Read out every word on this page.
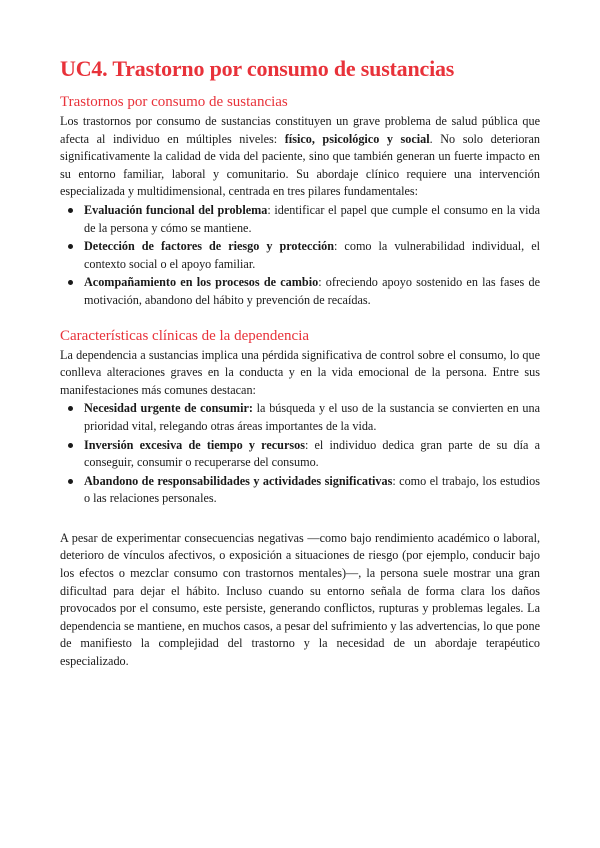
UC4. Trastorno por consumo de sustancias
Trastornos por consumo de sustancias

Los trastornos por consumo de sustancias constituyen un grave problema de salud pública que afecta al individuo en múltiples niveles: físico, psicológico y social. No solo deterioran significativamente la calidad de vida del paciente, sino que también generan un fuerte impacto en su entorno familiar, laboral y comunitario. Su abordaje clínico requiere una intervención especializada y multidimensional, centrada en tres pilares fundamentales:

Evaluación funcional del problema: identificar el papel que cumple el consumo en la vida de la persona y cómo se mantiene.
Detección de factores de riesgo y protección: como la vulnerabilidad individual, el contexto social o el apoyo familiar.
Acompañamiento en los procesos de cambio: ofreciendo apoyo sostenido en las fases de motivación, abandono del hábito y prevención de recaídas.
Características clínicas de la dependencia

La dependencia a sustancias implica una pérdida significativa de control sobre el consumo, lo que conlleva alteraciones graves en la conducta y en la vida emocional de la persona. Entre sus manifestaciones más comunes destacan:

Necesidad urgente de consumir: la búsqueda y el uso de la sustancia se convierten en una prioridad vital, relegando otras áreas importantes de la vida.
Inversión excesiva de tiempo y recursos: el individuo dedica gran parte de su día a conseguir, consumir o recuperarse del consumo.
Abandono de responsabilidades y actividades significativas: como el trabajo, los estudios o las relaciones personales.

A pesar de experimentar consecuencias negativas —como bajo rendimiento académico o laboral, deterioro de vínculos afectivos, o exposición a situaciones de riesgo (por ejemplo, conducir bajo los efectos o mezclar consumo con trastornos mentales)—, la persona suele mostrar una gran dificultad para dejar el hábito. Incluso cuando su entorno señala de forma clara los daños provocados por el consumo, este persiste, generando conflictos, rupturas y problemas legales. La dependencia se mantiene, en muchos casos, a pesar del sufrimiento y las advertencias, lo que pone de manifiesto la complejidad del trastorno y la necesidad de un abordaje terapéutico especializado.
